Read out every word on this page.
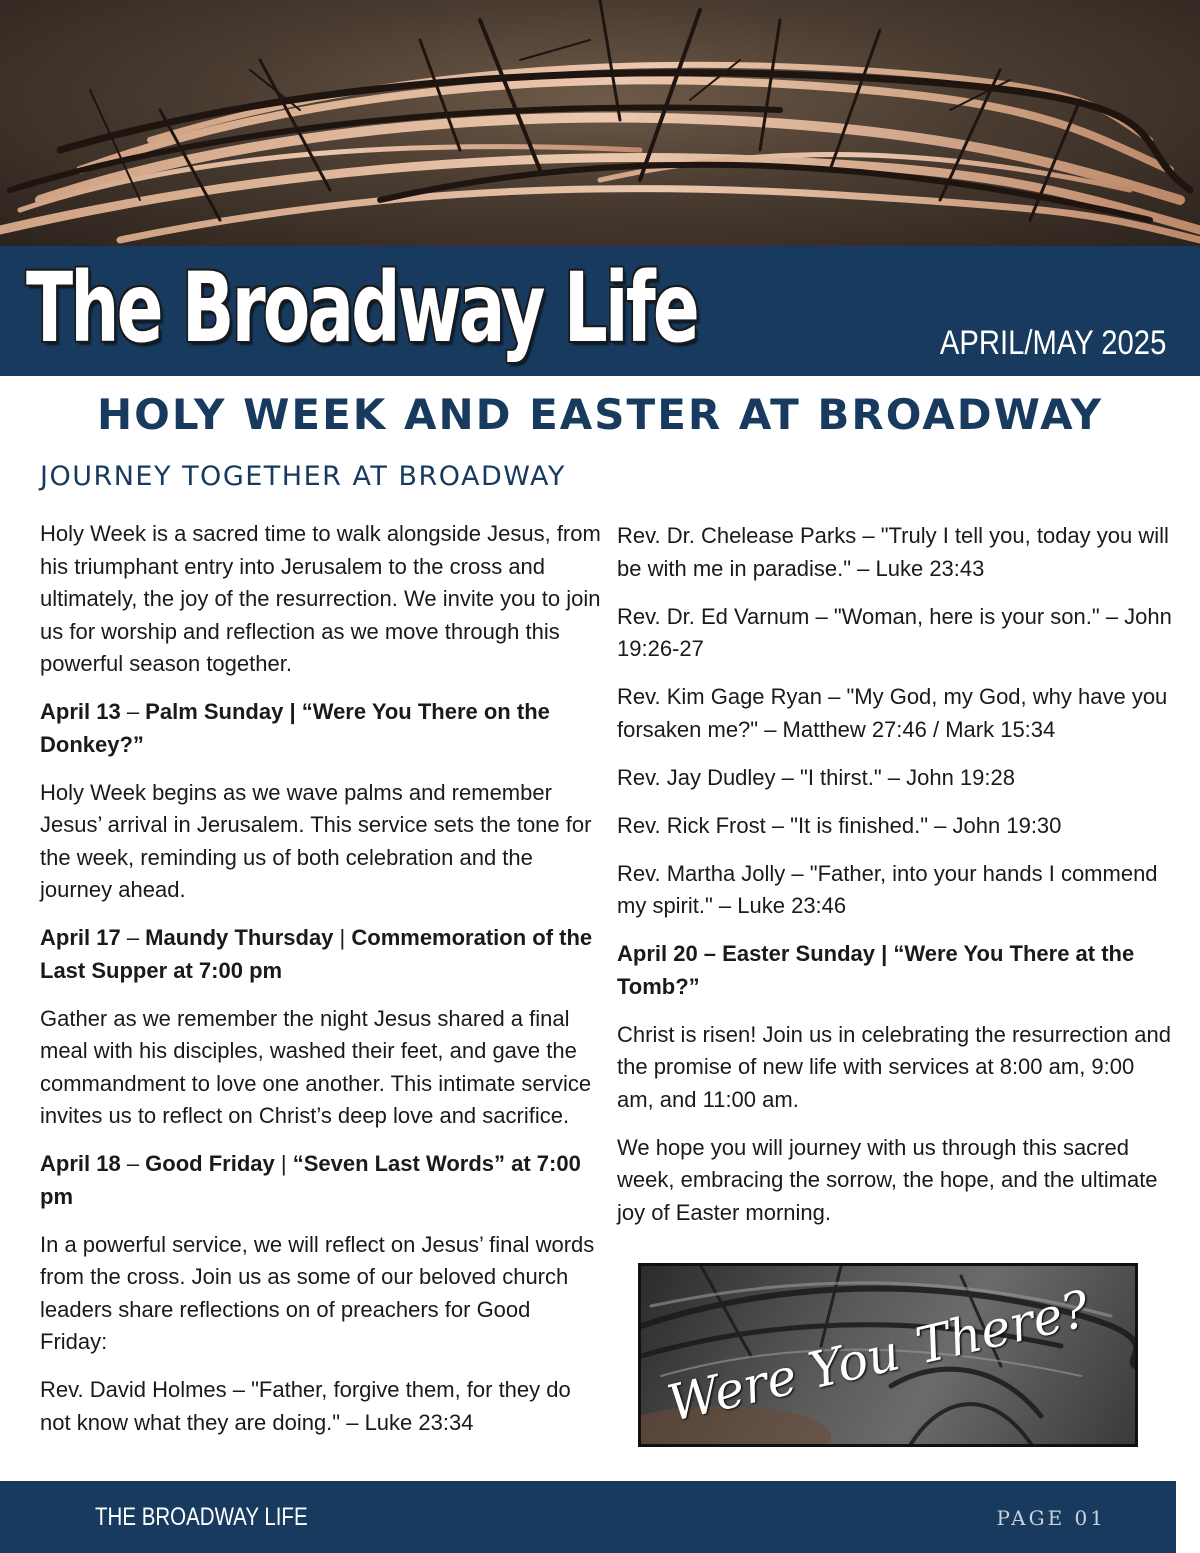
The Broadway Life	APRIL/MAY 2025
HOLY WEEK AND EASTER AT BROADWAY
JOURNEY TOGETHER AT BROADWAY

Holy Week is a sacred time to walk alongside Jesus, from his triumphant entry into Jerusalem to the cross and ultimately, the joy of the resurrection. We invite you to join us for worship and reflection as we move through this powerful season together.

April 13 – Palm Sunday | “Were You There on the Donkey?”

Holy Week begins as we wave palms and remember Jesus’ arrival in Jerusalem. This service sets the tone for the week, reminding us of both celebration and the journey ahead.

April 17 – Maundy Thursday | Commemoration of the Last Supper at 7:00 pm

Gather as we remember the night Jesus shared a final meal with his disciples, washed their feet, and gave the commandment to love one another. This intimate service invites us to reflect on Christ’s deep love and sacrifice.

April 18 – Good Friday | “Seven Last Words” at 7:00 pm

In a powerful service, we will reflect on Jesus’ final words from the cross. Join us as some of our beloved church leaders share reflections on of preachers for Good Friday:

Rev. David Holmes – "Father, forgive them, for they do not know what they are doing." – Luke 23:34

Rev. Dr. Chelease Parks – "Truly I tell you, today you will be with me in paradise." – Luke 23:43

Rev. Dr. Ed Varnum – "Woman, here is your son." – John 19:26-27

Rev. Kim Gage Ryan – "My God, my God, why have you forsaken me?" – Matthew 27:46 / Mark 15:34

Rev. Jay Dudley – "I thirst." – John 19:28

Rev. Rick Frost – "It is finished." – John 19:30

Rev. Martha Jolly – "Father, into your hands I commend my spirit." – Luke 23:46

April 20 – Easter Sunday | “Were You There at the Tomb?”

Christ is risen! Join us in celebrating the resurrection and the promise of new life with services at 8:00 am, 9:00 am, and 11:00 am.

We hope you will journey with us through this sacred week, embracing the sorrow, the hope, and the ultimate joy of Easter morning.

Were You There?
THE BROADWAY LIFE	PAGE 01
